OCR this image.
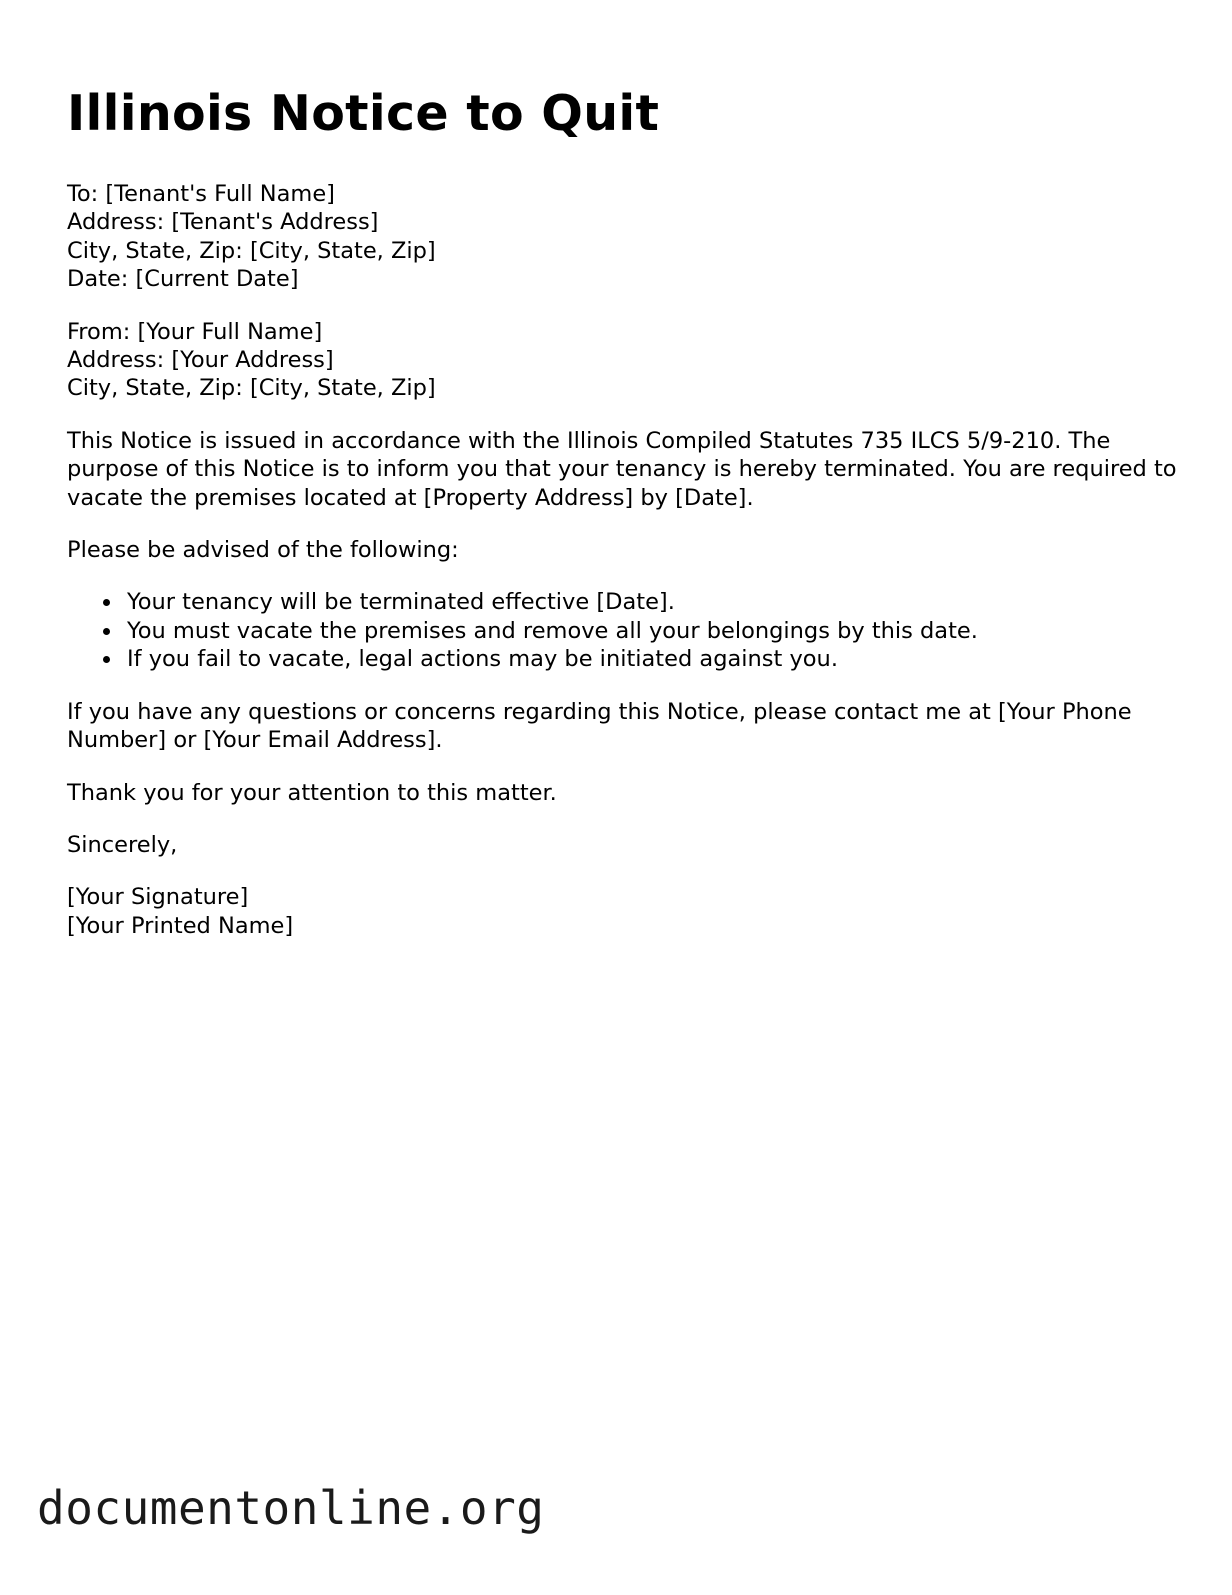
Illinois Notice to Quit
To: [Tenant's Full Name]
Address: [Tenant's Address]
City, State, Zip: [City, State, Zip]
Date: [Current Date]
From: [Your Full Name]
Address: [Your Address]
City, State, Zip: [City, State, Zip]

This Notice is issued in accordance with the Illinois Compiled Statutes 735 ILCS 5/9-210. The purpose of this Notice is to inform you that your tenancy is hereby terminated. You are required to vacate the premises located at [Property Address] by [Date].

Please be advised of the following:

Your tenancy will be terminated effective [Date].
You must vacate the premises and remove all your belongings by this date.
If you fail to vacate, legal actions may be initiated against you.

If you have any questions or concerns regarding this Notice, please contact me at [Your Phone Number] or [Your Email Address].

Thank you for your attention to this matter.

Sincerely,

[Your Signature]
[Your Printed Name]
documentonline.org
